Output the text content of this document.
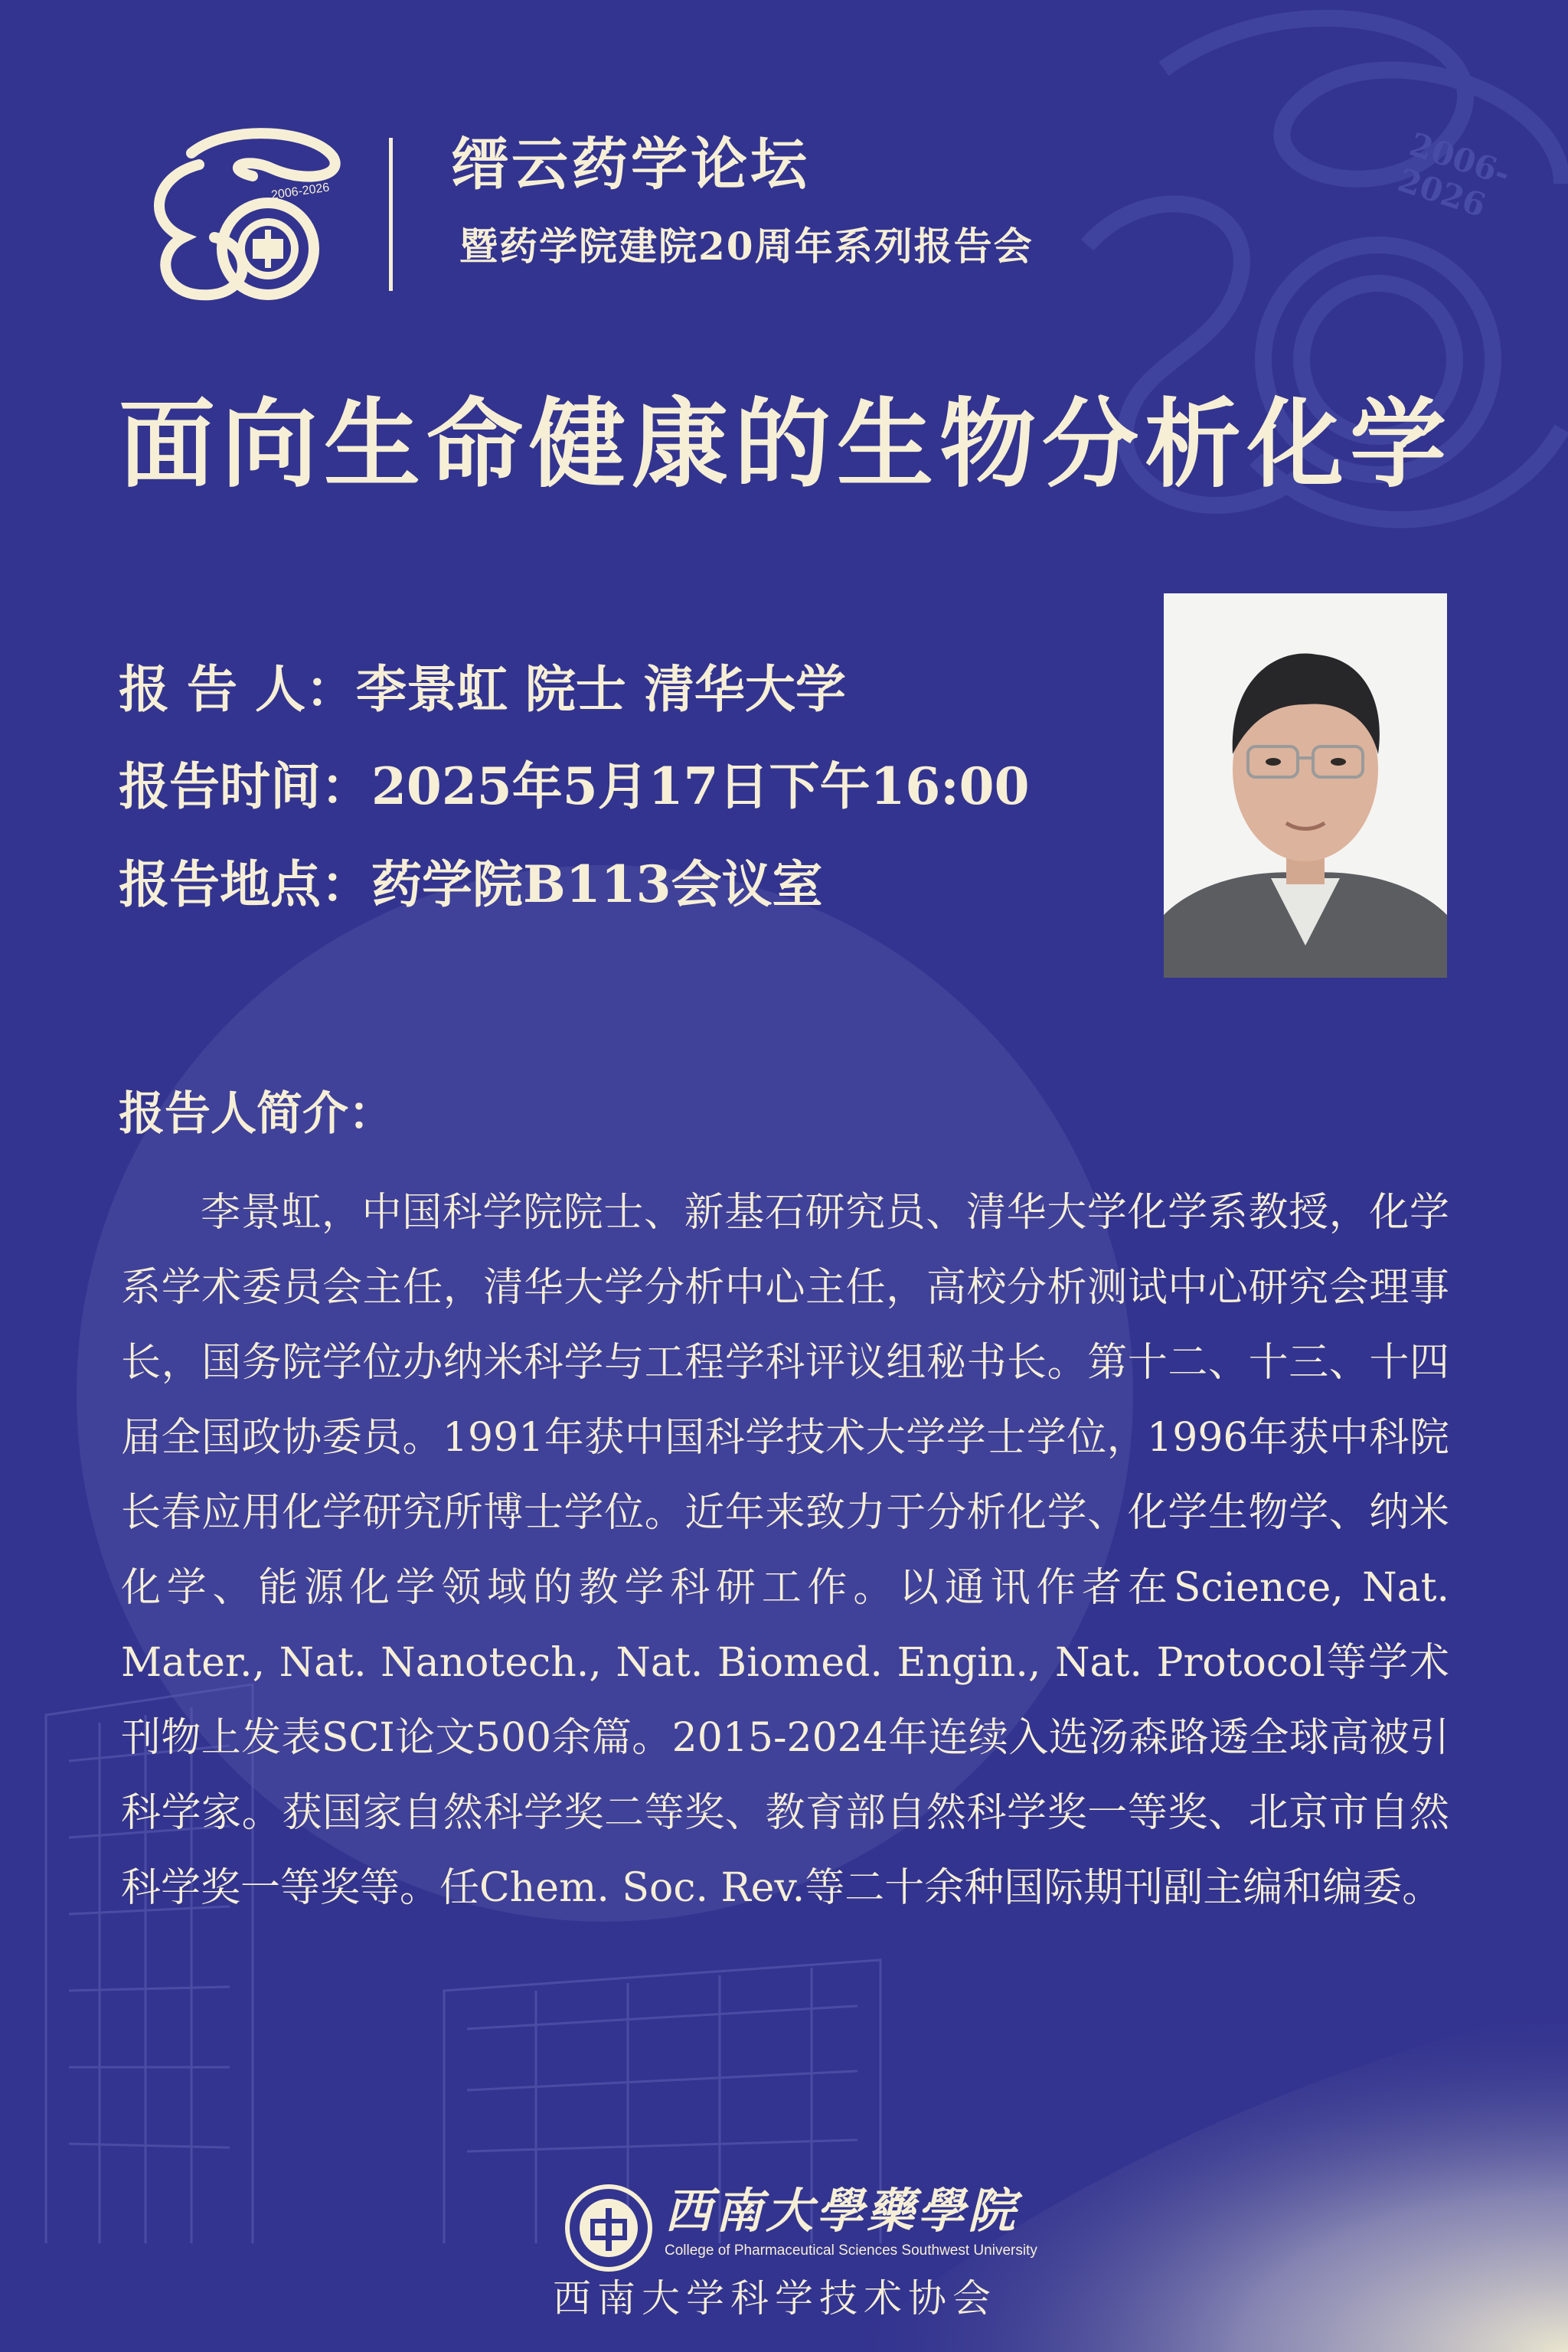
2006-2026 缙云药学论坛
暨药学院建院20周年系列报告会
2006-2026
面向生命健康的生物分析化学
报 告 人：李景虹 院士 清华大学
报告时间：2025年5月17日下午16:00
报告地点：药学院B113会议室
报告人简介：

李景虹，中国科学院院士、新基石研究员、清华大学化学系教授，化学系学术委员会主任，清华大学分析中心主任，高校分析测试中心研究会理事长，国务院学位办纳米科学与工程学科评议组秘书长。第十二、十三、十四届全国政协委员。1991年获中国科学技术大学学士学位，1996年获中科院长春应用化学研究所博士学位。近年来致力于分析化学、化学生物学、纳米化学、能源化学领域的教学科研工作。以通讯作者在Science, Nat. Mater., Nat. Nanotech., Nat. Biomed. Engin., Nat. Protocol等学术刊物上发表SCI论文500余篇。2015-2024年连续入选汤森路透全球高被引科学家。获国家自然科学奖二等奖、教育部自然科学奖一等奖、北京市自然科学奖一等奖等。任Chem. Soc. Rev.等二十余种国际期刊副主编和编委。

西南大學藥學院
College of Pharmaceutical Sciences Southwest University
西南大学科学技术协会
